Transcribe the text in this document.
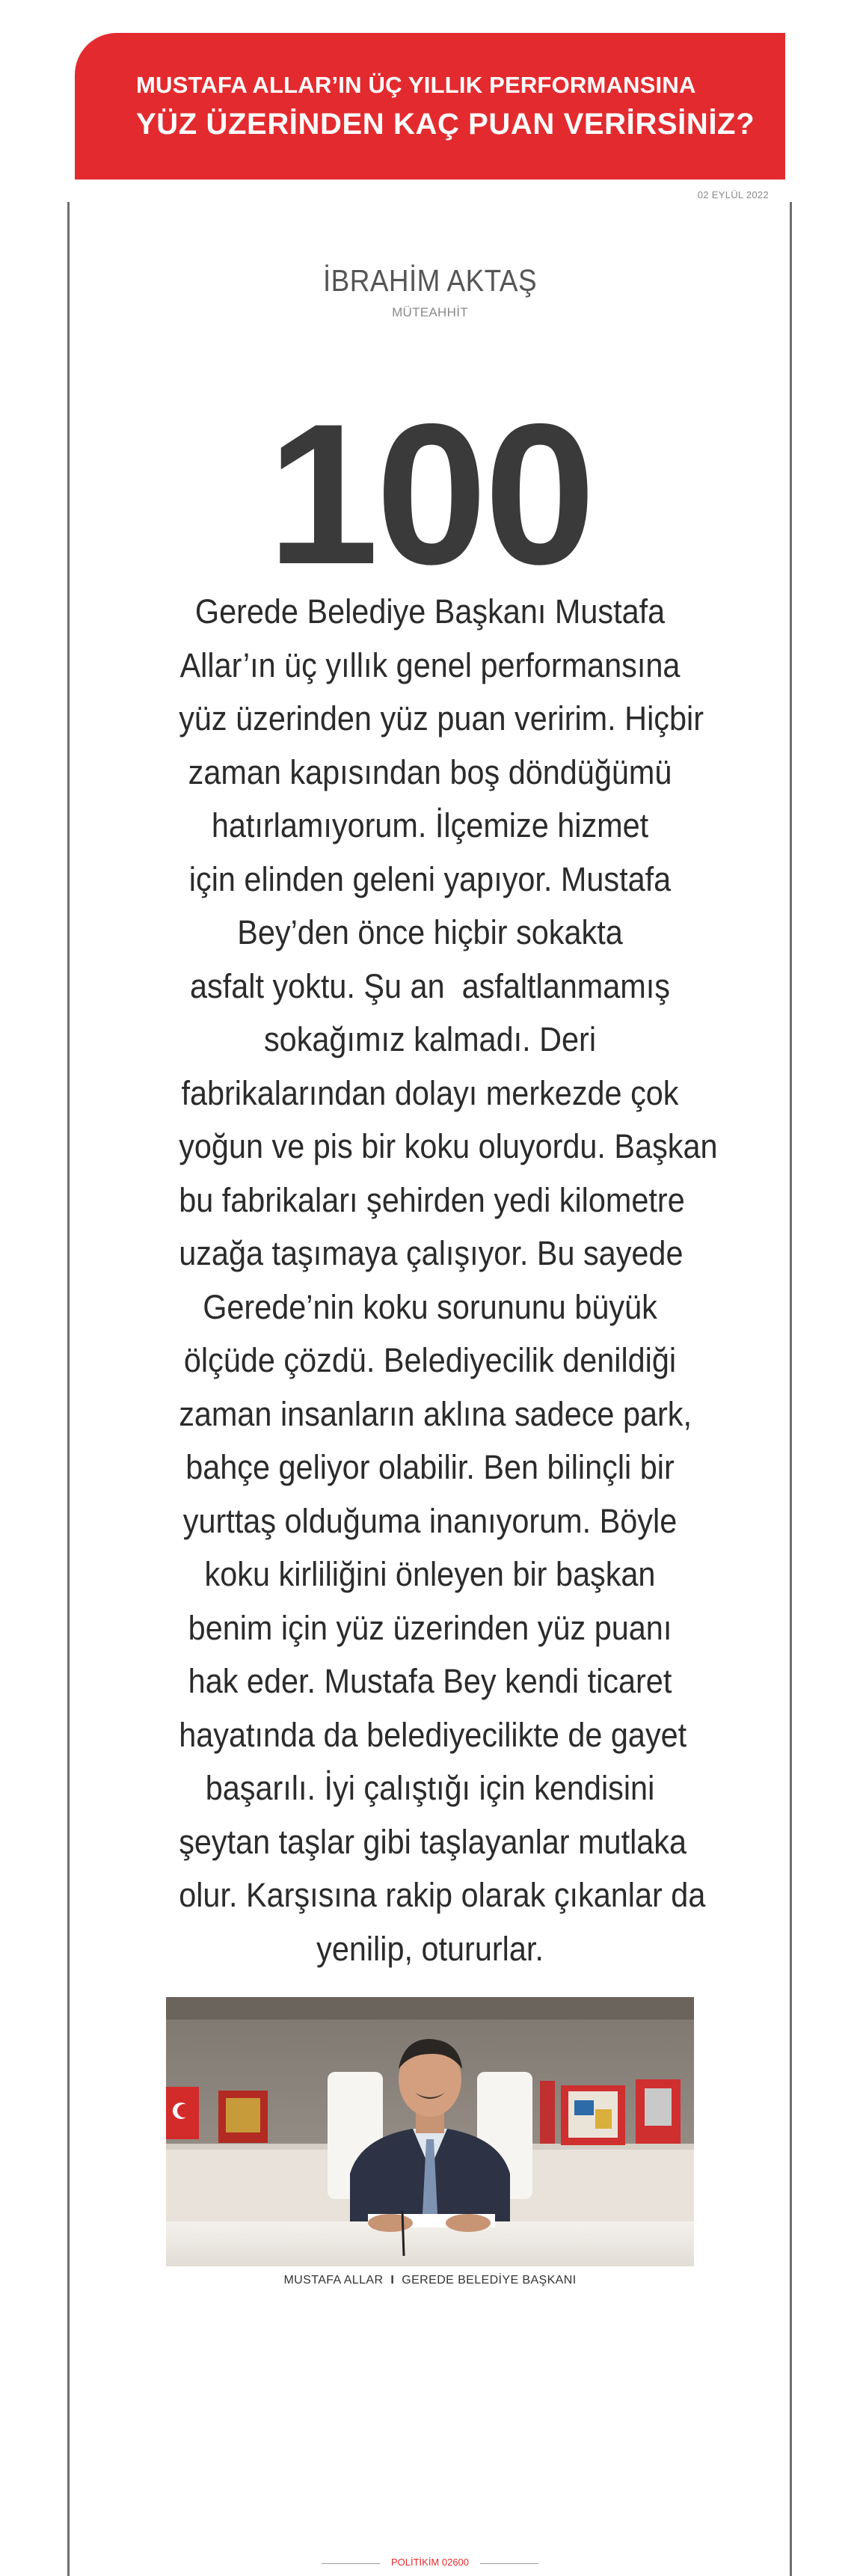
MUSTAFA ALLAR’IN ÜÇ YILLIK PERFORMANSINA
YÜZ ÜZERİNDEN KAÇ PUAN VERİRSİNİZ?
02 EYLÜL 2022
İBRAHİM AKTAŞ
MÜTEAHHİT
100
Gerede Belediye Başkanı Mustafa
Allar’ın üç yıllık genel performansına
yüz üzerinden yüz puan veririm. Hiçbir
zaman kapısından boş döndüğümü
hatırlamıyorum. İlçemize hizmet
için elinden geleni yapıyor. Mustafa
Bey’den önce hiçbir sokakta
asfalt yoktu. Şu an  asfaltlanmamış
sokağımız kalmadı. Deri
fabrikalarından dolayı merkezde çok
yoğun ve pis bir koku oluyordu. Başkan
bu fabrikaları şehirden yedi kilometre
uzağa taşımaya çalışıyor. Bu sayede
Gerede’nin koku sorununu büyük
ölçüde çözdü. Belediyecilik denildiği
zaman insanların aklına sadece park,
bahçe geliyor olabilir. Ben bilinçli bir
yurttaş olduğuma inanıyorum. Böyle
koku kirliliğini önleyen bir başkan
benim için yüz üzerinden yüz puanı
hak eder. Mustafa Bey kendi ticaret
hayatında da belediyecilikte de gayet
başarılı. İyi çalıştığı için kendisini
şeytan taşlar gibi taşlayanlar mutlaka
olur. Karşısına rakip olarak çıkanlar da
yenilip, otururlar.
MUSTAFA ALLAR I GEREDE BELEDİYE BAŞKANI
POLİTİKİM 02600
